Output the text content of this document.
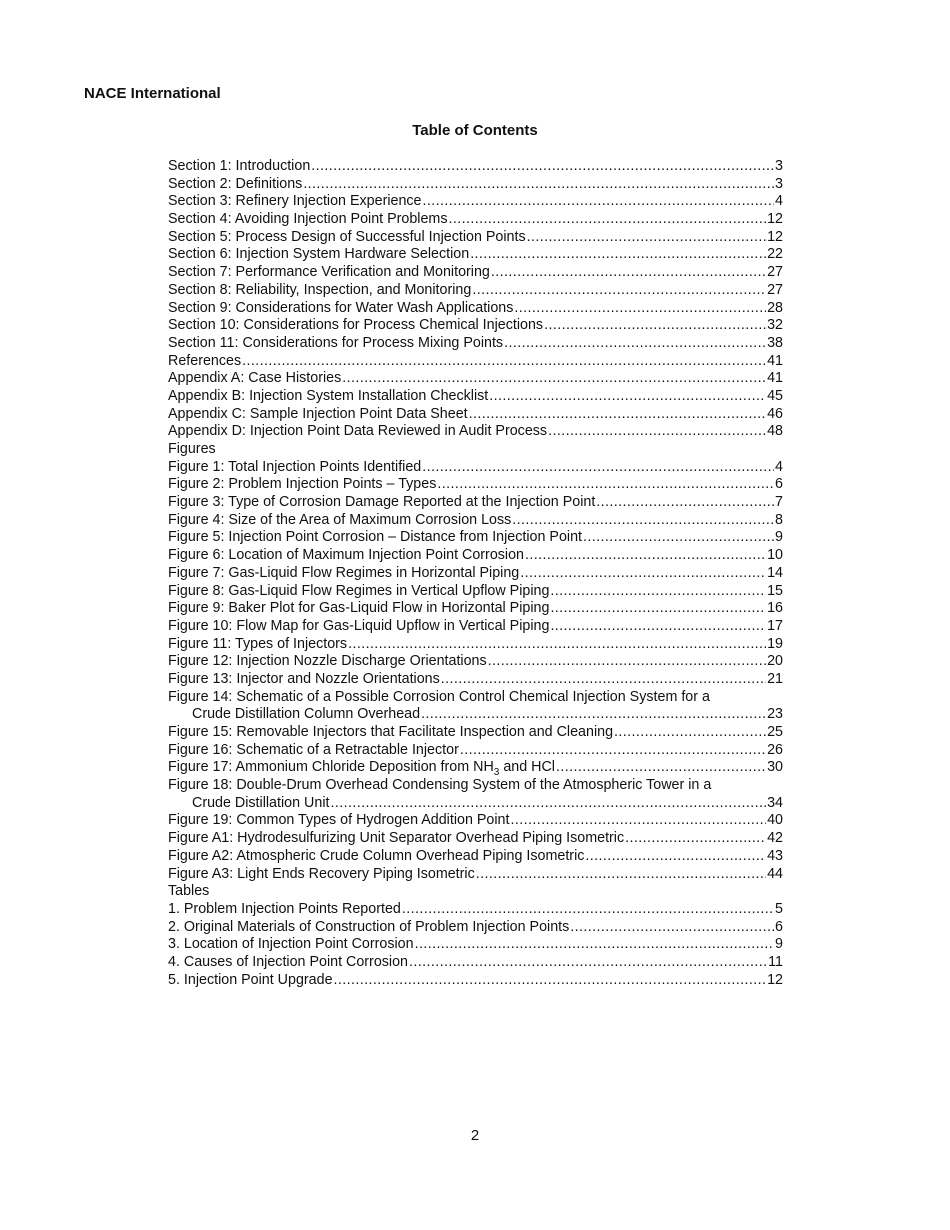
NACE International
Table of Contents
Section 1: Introduction .....	3
Section 2: Definitions .....	3
Section 3: Refinery Injection Experience .....	4
Section 4: Avoiding Injection Point Problems .....	12
Section 5: Process Design of Successful Injection Points .....	12
Section 6: Injection System Hardware Selection .....	22
Section 7: Performance Verification and Monitoring .....	27
Section 8: Reliability, Inspection, and Monitoring .....	27
Section 9: Considerations for Water Wash Applications .....	28
Section 10: Considerations for Process Chemical Injections .....	32
Section 11: Considerations for Process Mixing Points .....	38
References .....	41
Appendix A: Case Histories .....	41
Appendix B: Injection System Installation Checklist .....	45
Appendix C: Sample Injection Point Data Sheet .....	46
Appendix D: Injection Point Data Reviewed in Audit Process .....	48
Figures
Figure 1: Total Injection Points Identified .....	4
Figure 2: Problem Injection Points – Types .....	6
Figure 3: Type of Corrosion Damage Reported at the Injection Point .....	7
Figure 4: Size of the Area of Maximum Corrosion Loss .....	8
Figure 5: Injection Point Corrosion – Distance from Injection Point .....	9
Figure 6: Location of Maximum Injection Point Corrosion .....	10
Figure 7: Gas-Liquid Flow Regimes in Horizontal Piping .....	14
Figure 8: Gas-Liquid Flow Regimes in Vertical Upflow Piping .....	15
Figure 9: Baker Plot for Gas-Liquid Flow in Horizontal Piping .....	16
Figure 10: Flow Map for Gas-Liquid Upflow in Vertical Piping .....	17
Figure 11: Types of Injectors .....	19
Figure 12: Injection Nozzle Discharge Orientations .....	20
Figure 13: Injector and Nozzle Orientations .....	21
Figure 14: Schematic of a Possible Corrosion Control Chemical Injection System for a
Crude Distillation Column Overhead .....	23
Figure 15: Removable Injectors that Facilitate Inspection and Cleaning .....	25
Figure 16: Schematic of a Retractable Injector .....	26
Figure 17: Ammonium Chloride Deposition from $NH_3$ and HCl .....	30
Figure 18: Double-Drum Overhead Condensing System of the Atmospheric Tower in a
Crude Distillation Unit .....	34
Figure 19: Common Types of Hydrogen Addition Point .....	40
Figure A1: Hydrodesulfurizing Unit Separator Overhead Piping Isometric .....	42
Figure A2: Atmospheric Crude Column Overhead Piping Isometric .....	43
Figure A3: Light Ends Recovery Piping Isometric .....	44
Tables
1. Problem Injection Points Reported .....	5
2. Original Materials of Construction of Problem Injection Points .....	6
3. Location of Injection Point Corrosion .....	9
4. Causes of Injection Point Corrosion .....	11
5. Injection Point Upgrade .....	12
2
